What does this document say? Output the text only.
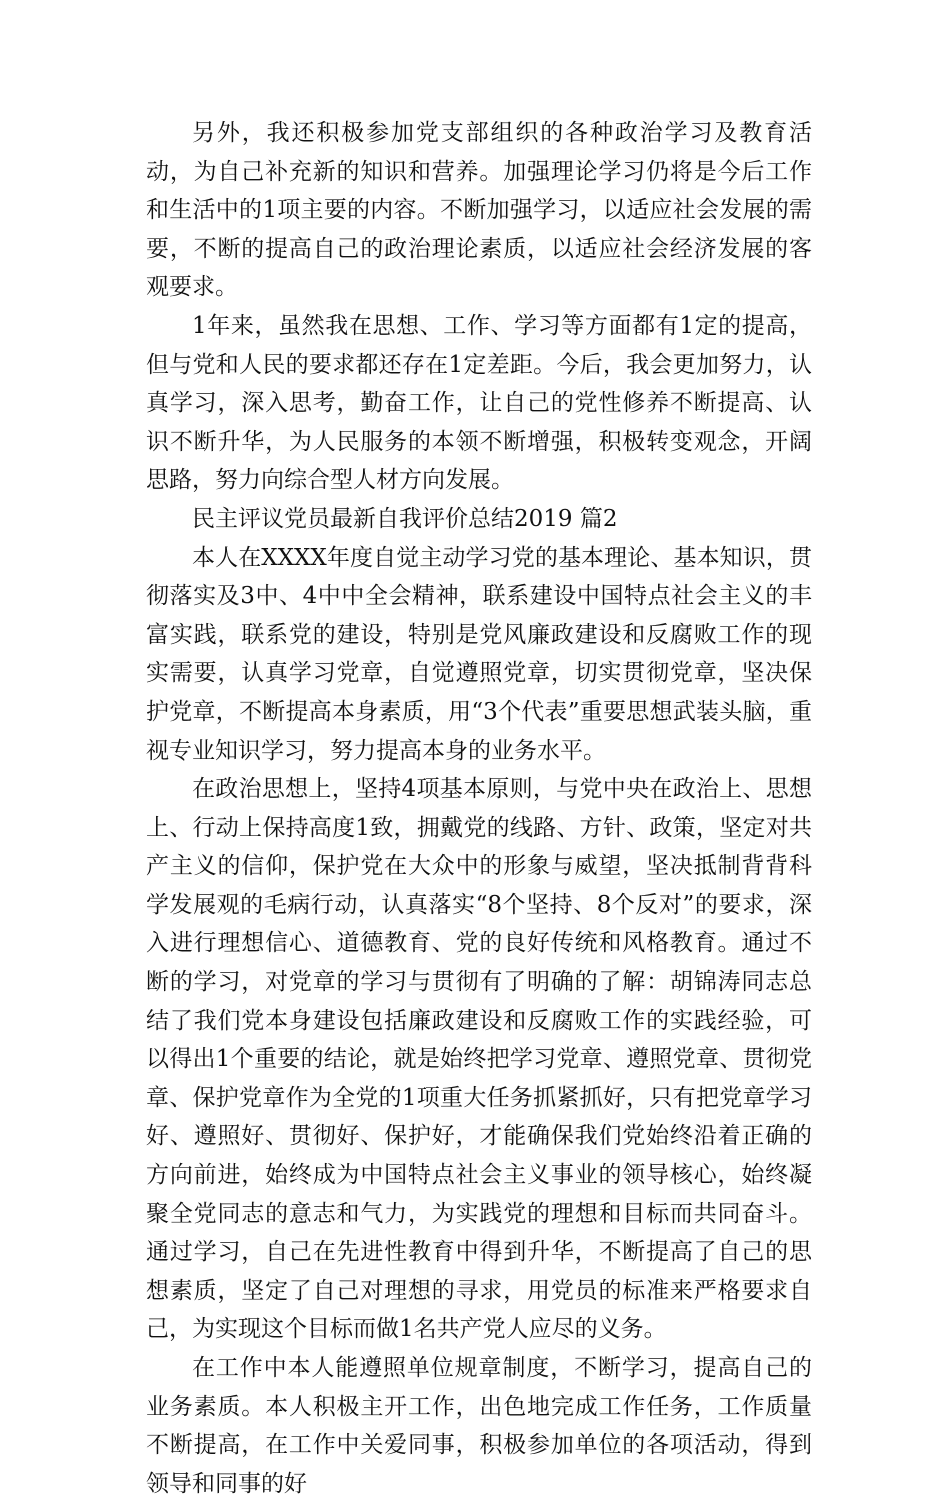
另外，我还积极参加党支部组织的各种政治学习及教育活动，为自己补充新的知识和营养。加强理论学习仍将是今后工作和生活中的1项主要的内容。不断加强学习，以适应社会发展的需要，不断的提高自己的政治理论素质，以适应社会经济发展的客观要求。

1年来，虽然我在思想、工作、学习等方面都有1定的提高，但与党和人民的要求都还存在1定差距。今后，我会更加努力，认真学习，深入思考，勤奋工作，让自己的党性修养不断提高、认识不断升华，为人民服务的本领不断增强，积极转变观念，开阔思路，努力向综合型人材方向发展。

民主评议党员最新自我评价总结2019 篇2

本人在XXXX年度自觉主动学习党的基本理论、基本知识，贯彻落实及3中、4中中全会精神，联系建设中国特点社会主义的丰富实践，联系党的建设，特别是党风廉政建设和反腐败工作的现实需要，认真学习党章，自觉遵照党章，切实贯彻党章，坚决保护党章，不断提高本身素质，用“3个代表”重要思想武装头脑，重视专业知识学习，努力提高本身的业务水平。

在政治思想上，坚持4项基本原则，与党中央在政治上、思想上、行动上保持高度1致，拥戴党的线路、方针、政策，坚定对共产主义的信仰，保护党在大众中的形象与威望，坚决抵制背背科学发展观的毛病行动，认真落实“8个坚持、8个反对”的要求，深入进行理想信心、道德教育、党的良好传统和风格教育。通过不断的学习，对党章的学习与贯彻有了明确的了解：胡锦涛同志总结了我们党本身建设包括廉政建设和反腐败工作的实践经验，可以得出1个重要的结论，就是始终把学习党章、遵照党章、贯彻党章、保护党章作为全党的1项重大任务抓紧抓好，只有把党章学习好、遵照好、贯彻好、保护好，才能确保我们党始终沿着正确的方向前进，始终成为中国特点社会主义事业的领导核心，始终凝聚全党同志的意志和气力，为实践党的理想和目标而共同奋斗。通过学习，自己在先进性教育中得到升华，不断提高了自己的思想素质，坚定了自己对理想的寻求，用党员的标准来严格要求自己，为实现这个目标而做1名共产党人应尽的义务。

在工作中本人能遵照单位规章制度，不断学习，提高自己的业务素质。本人积极主开工作，出色地完成工作任务，工作质量不断提高，在工作中关爱同事，积极参加单位的各项活动，得到领导和同事的好
